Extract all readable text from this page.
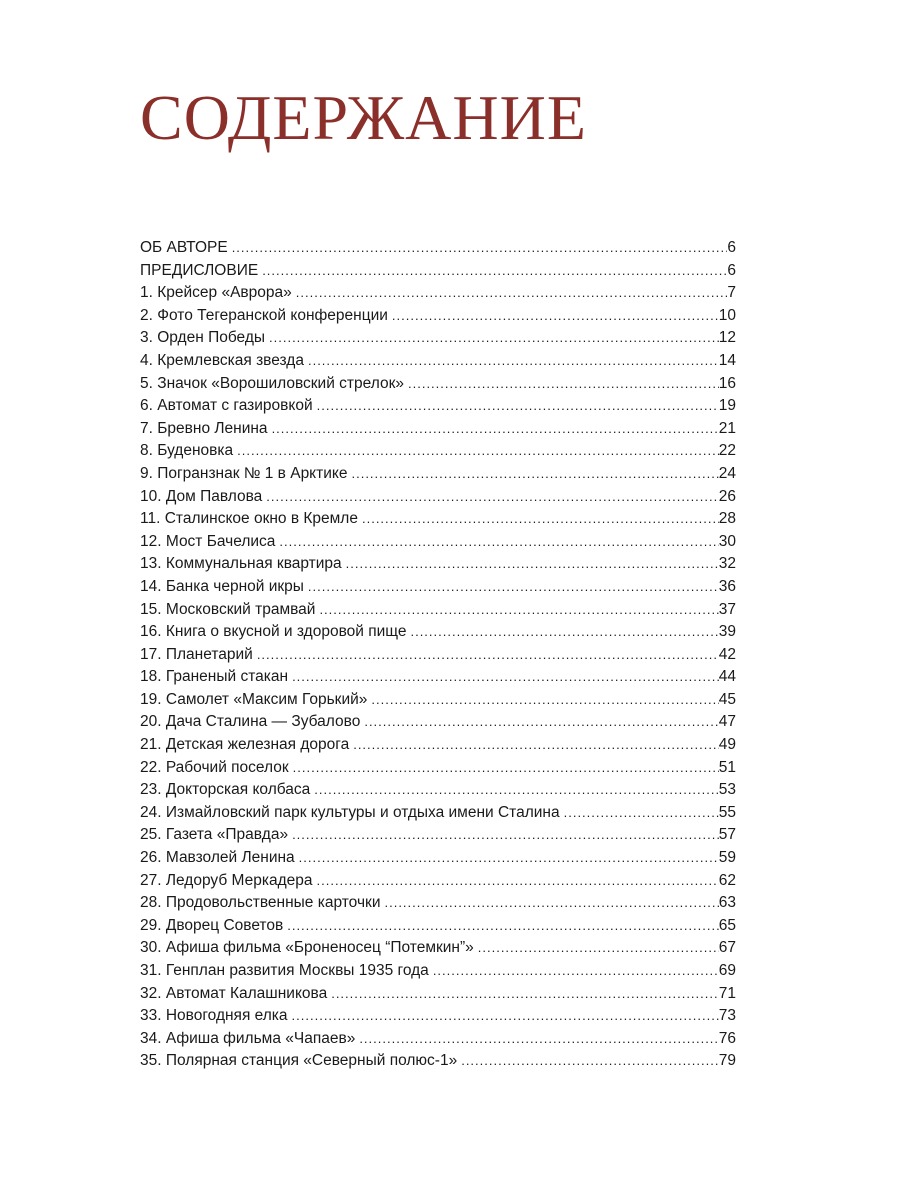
СОДЕРЖАНИЕ
ОБ АВТОРЕ .....	6
ПРЕДИСЛОВИЕ .....	6
1. Крейсер «Аврора» .....	7
2. Фото Тегеранской конференции .....	10
3. Орден Победы .....	12
4. Кремлевская звезда .....	14
5. Значок «Ворошиловский стрелок» .....	16
6. Автомат с газировкой .....	19
7. Бревно Ленина .....	21
8. Буденовка .....	22
9. Погранзнак № 1 в Арктике .....	24
10. Дом Павлова .....	26
11. Сталинское окно в Кремле .....	28
12. Мост Бачелиса .....	30
13. Коммунальная квартира .....	32
14. Банка черной икры .....	36
15. Московский трамвай .....	37
16. Книга о вкусной и здоровой пище .....	39
17. Планетарий .....	42
18. Граненый стакан .....	44
19. Самолет «Максим Горький» .....	45
20. Дача Сталина — Зубалово .....	47
21. Детская железная дорога .....	49
22. Рабочий поселок .....	51
23. Докторская колбаса .....	53
24. Измайловский парк культуры и отдыха имени Сталина .....	55
25. Газета «Правда» .....	57
26. Мавзолей Ленина .....	59
27. Ледоруб Меркадера .....	62
28. Продовольственные карточки .....	63
29. Дворец Советов .....	65
30. Афиша фильма «Броненосец “Потемкин”» .....	67
31. Генплан развития Москвы 1935 года .....	69
32. Автомат Калашникова .....	71
33. Новогодняя елка .....	73
34. Афиша фильма «Чапаев» .....	76
35. Полярная станция «Северный полюс-1» .....	79
